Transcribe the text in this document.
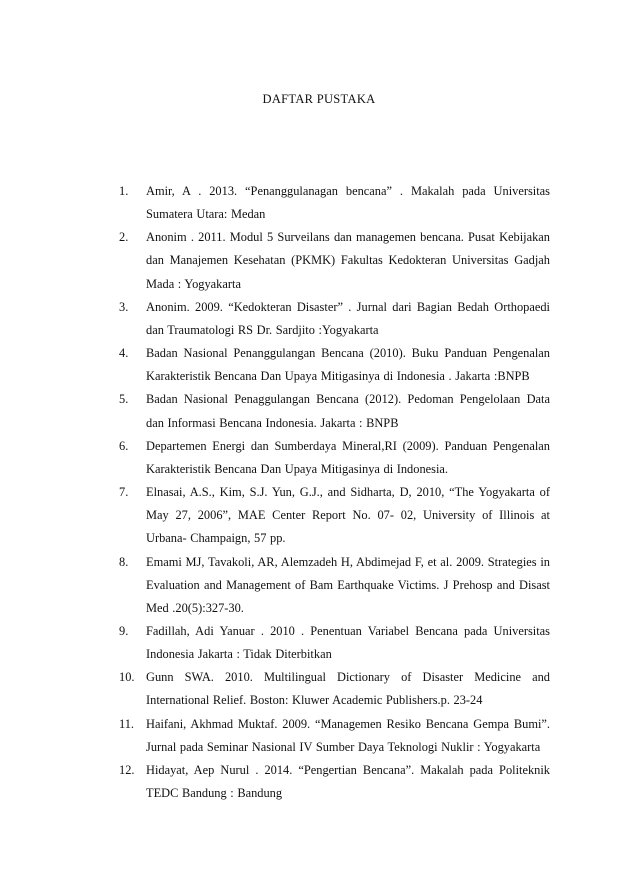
DAFTAR PUSTAKA
1. Amir, A . 2013. “Penanggulanagan bencana” . Makalah pada Universitas Sumatera Utara: Medan
2. Anonim . 2011. Modul 5 Surveilans dan managemen bencana. Pusat Kebijakan dan Manajemen Kesehatan (PKMK) Fakultas Kedokteran Universitas Gadjah Mada : Yogyakarta
3. Anonim. 2009. “Kedokteran Disaster” . Jurnal dari Bagian Bedah Orthopaedi dan Traumatologi RS Dr. Sardjito :Yogyakarta
4. Badan Nasional Penanggulangan Bencana (2010). Buku Panduan Pengenalan Karakteristik Bencana Dan Upaya Mitigasinya di Indonesia . Jakarta :BNPB
5. Badan Nasional Penaggulangan Bencana (2012). Pedoman Pengelolaan Data dan Informasi Bencana Indonesia. Jakarta : BNPB
6. Departemen Energi dan Sumberdaya Mineral,RI (2009). Panduan Pengenalan Karakteristik Bencana Dan Upaya Mitigasinya di Indonesia.
7. Elnasai, A.S., Kim, S.J. Yun, G.J., and Sidharta, D, 2010, “The Yogyakarta of May 27, 2006”, MAE Center Report No. 07- 02, University of Illinois at Urbana- Champaign, 57 pp.
8. Emami MJ, Tavakoli, AR, Alemzadeh H, Abdimejad F, et al. 2009. Strategies in Evaluation and Management of Bam Earthquake Victims. J Prehosp and Disast Med .20(5):327-30.
9. Fadillah, Adi Yanuar . 2010 . Penentuan Variabel Bencana pada Universitas Indonesia Jakarta : Tidak Diterbitkan
10. Gunn SWA. 2010. Multilingual Dictionary of Disaster Medicine and International Relief. Boston: Kluwer Academic Publishers.p. 23-24
11. Haifani, Akhmad Muktaf. 2009. “Managemen Resiko Bencana Gempa Bumi”. Jurnal pada Seminar Nasional IV Sumber Daya Teknologi Nuklir : Yogyakarta
12. Hidayat, Aep Nurul . 2014. “Pengertian Bencana”. Makalah pada Politeknik TEDC Bandung : Bandung
